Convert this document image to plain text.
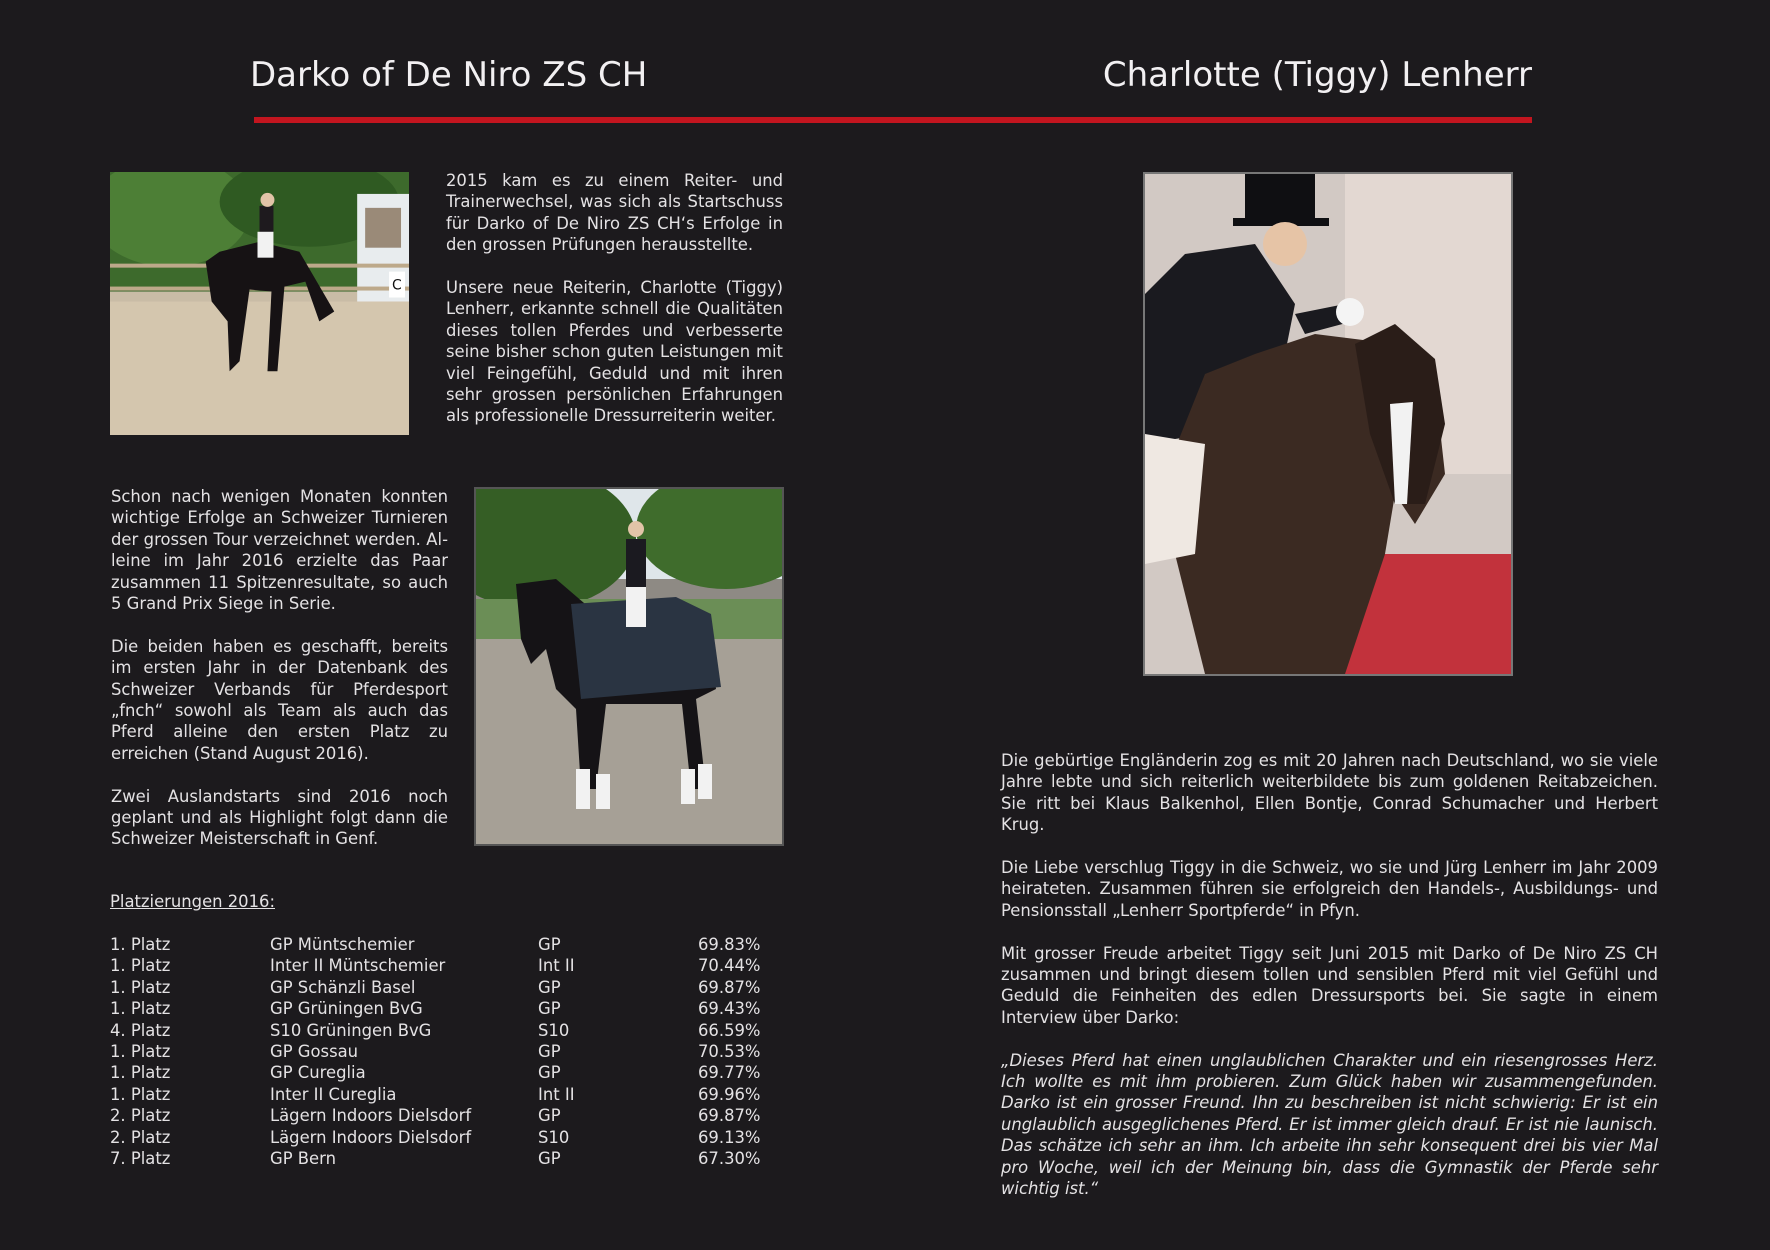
Darko of De Niro ZS CH	Charlotte (Tiggy) Lenherr
C

2015 kam es zu einem Reiter- und Trainerwechsel, was sich als Startschuss für Darko of De Niro ZS CH‘s Erfolge in den grossen Prüfungen herausstellte.

Unsere neue Reiterin, Charlotte (Tiggy) Lenherr, erkannte schnell die Qualitäten dieses tollen Pferdes und verbesserte seine bisher schon guten Leistungen mit viel Feingefühl, Geduld und mit ihren sehr grossen persönlichen Erfahrungen als professionelle Dressurreiterin weiter.

Schon nach wenigen Monaten konnten wichtige Erfolge an Schweizer Turnieren der grossen Tour verzeichnet werden. Alleine im Jahr 2016 erzielte das Paar zusammen 11 Spitzenresultate, so auch 5 Grand Prix Siege in Serie.

Die beiden haben es geschafft, bereits im ersten Jahr in der Datenbank des Schweizer Verbands für Pferdesport „fnch“ sowohl als Team als auch das Pferd alleine den ersten Platz zu erreichen (Stand August 2016).

Zwei Auslandstarts sind 2016 noch geplant und als Highlight folgt dann die Schweizer Meisterschaft in Genf.

Platzierungen 2016:
1. Platz	GP Müntschemier	GP	69.83%
1. Platz	Inter II Müntschemier	Int II	70.44%
1. Platz	GP Schänzli Basel	GP	69.87%
1. Platz	GP Grüningen BvG	GP	69.43%
4. Platz	S10 Grüningen BvG	S10	66.59%
1. Platz	GP Gossau	GP	70.53%
1. Platz	GP Cureglia	GP	69.77%
1. Platz	Inter II Cureglia	Int II	69.96%
2. Platz	Lägern Indoors Dielsdorf	GP	69.87%
2. Platz	Lägern Indoors Dielsdorf	S10	69.13%
7. Platz	GP Bern	GP	67.30%

Die gebürtige Engländerin zog es mit 20 Jahren nach Deutschland, wo sie viele Jahre lebte und sich reiterlich weiterbildete bis zum goldenen Reitabzeichen. Sie ritt bei Klaus Balkenhol, Ellen Bontje, Conrad Schumacher und Herbert Krug.

Die Liebe verschlug Tiggy in die Schweiz, wo sie und Jürg Lenherr im Jahr 2009 heirateten. Zusammen führen sie erfolgreich den Handels-, Ausbildungs- und Pensionsstall „Lenherr Sportpferde“ in Pfyn.

Mit grosser Freude arbeitet Tiggy seit Juni 2015 mit Darko of De Niro ZS CH zusammen und bringt diesem tollen und sensiblen Pferd mit viel Gefühl und Geduld die Feinheiten des edlen Dressursports bei. Sie sagte in einem Interview über Darko:

„Dieses Pferd hat einen unglaublichen Charakter und ein riesengrosses Herz. Ich wollte es mit ihm probieren. Zum Glück haben wir zusammengefunden. Darko ist ein grosser Freund. Ihn zu beschreiben ist nicht schwierig: Er ist ein unglaublich ausgeglichenes Pferd. Er ist immer gleich drauf. Er ist nie launisch. Das schätze ich sehr an ihm. Ich arbeite ihn sehr konsequent drei bis vier Mal pro Woche, weil ich der Meinung bin, dass die Gymnastik der Pferde sehr wichtig ist.“
